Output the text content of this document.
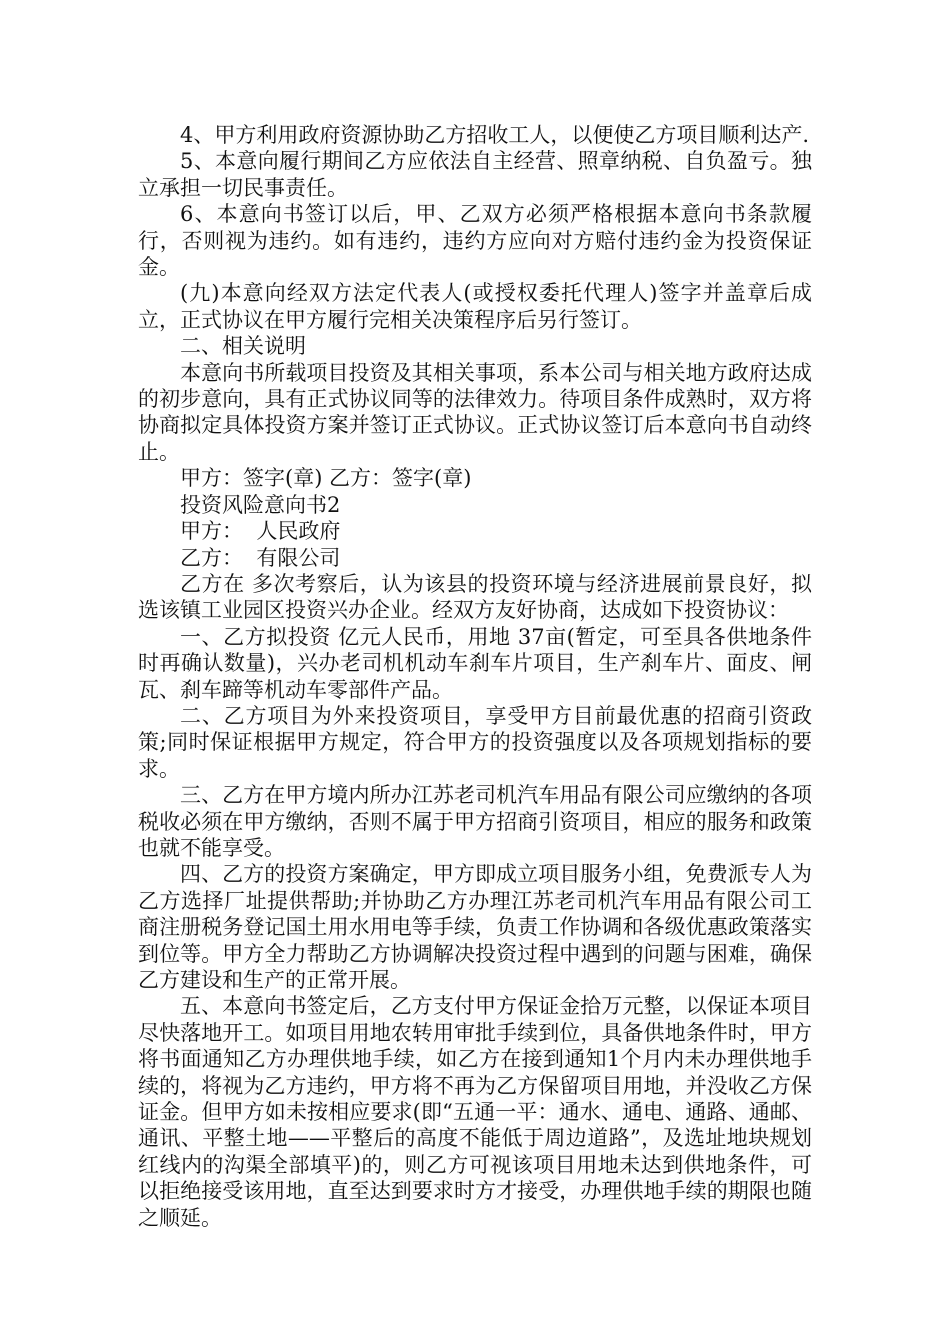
4、甲方利用政府资源协助乙方招收工人，以便使乙方项目顺利达产.

5、本意向履行期间乙方应依法自主经营、照章纳税、自负盈亏。独立承担一切民事责任。

6、本意向书签订以后，甲、乙双方必须严格根据本意向书条款履行，否则视为违约。如有违约，违约方应向对方赔付违约金为投资保证金。

(九)本意向经双方法定代表人(或授权委托代理人)签字并盖章后成立，正式协议在甲方履行完相关决策程序后另行签订。

二、相关说明

本意向书所载项目投资及其相关事项，系本公司与相关地方政府达成的初步意向，具有正式协议同等的法律效力。待项目条件成熟时，双方将协商拟定具体投资方案并签订正式协议。正式协议签订后本意向书自动终止。

甲方：签字(章) 乙方：签字(章)

投资风险意向书2

甲方：  人民政府

乙方：  有限公司

乙方在 多次考察后，认为该县的投资环境与经济进展前景良好，拟选该镇工业园区投资兴办企业。经双方友好协商，达成如下投资协议：

一、乙方拟投资 亿元人民币，用地 37亩(暂定，可至具各供地条件时再确认数量)，兴办老司机机动车刹车片项目，生产刹车片、面皮、闸瓦、刹车蹄等机动车零部件产品。

二、乙方项目为外来投资项目，享受甲方目前最优惠的招商引资政策;同时保证根据甲方规定，符合甲方的投资强度以及各项规划指标的要求。

三、乙方在甲方境内所办江苏老司机汽车用品有限公司应缴纳的各项税收必须在甲方缴纳，否则不属于甲方招商引资项目，相应的服务和政策也就不能享受。

四、乙方的投资方案确定，甲方即成立项目服务小组，免费派专人为乙方选择厂址提供帮助;并协助乙方办理江苏老司机汽车用品有限公司工商注册税务登记国土用水用电等手续，负责工作协调和各级优惠政策落实到位等。甲方全力帮助乙方协调解决投资过程中遇到的问题与困难，确保乙方建设和生产的正常开展。

五、本意向书签定后，乙方支付甲方保证金拾万元整，以保证本项目尽快落地开工。如项目用地农转用审批手续到位，具备供地条件时，甲方将书面通知乙方办理供地手续，如乙方在接到通知1个月内未办理供地手续的，将视为乙方违约，甲方将不再为乙方保留项目用地，并没收乙方保证金。但甲方如未按相应要求(即“五通一平：通水、通电、通路、通邮、通讯、平整土地——平整后的高度不能低于周边道路”，及选址地块规划红线内的沟渠全部填平)的，则乙方可视该项目用地未达到供地条件，可以拒绝接受该用地，直至达到要求时方才接受，办理供地手续的期限也随之顺延。
